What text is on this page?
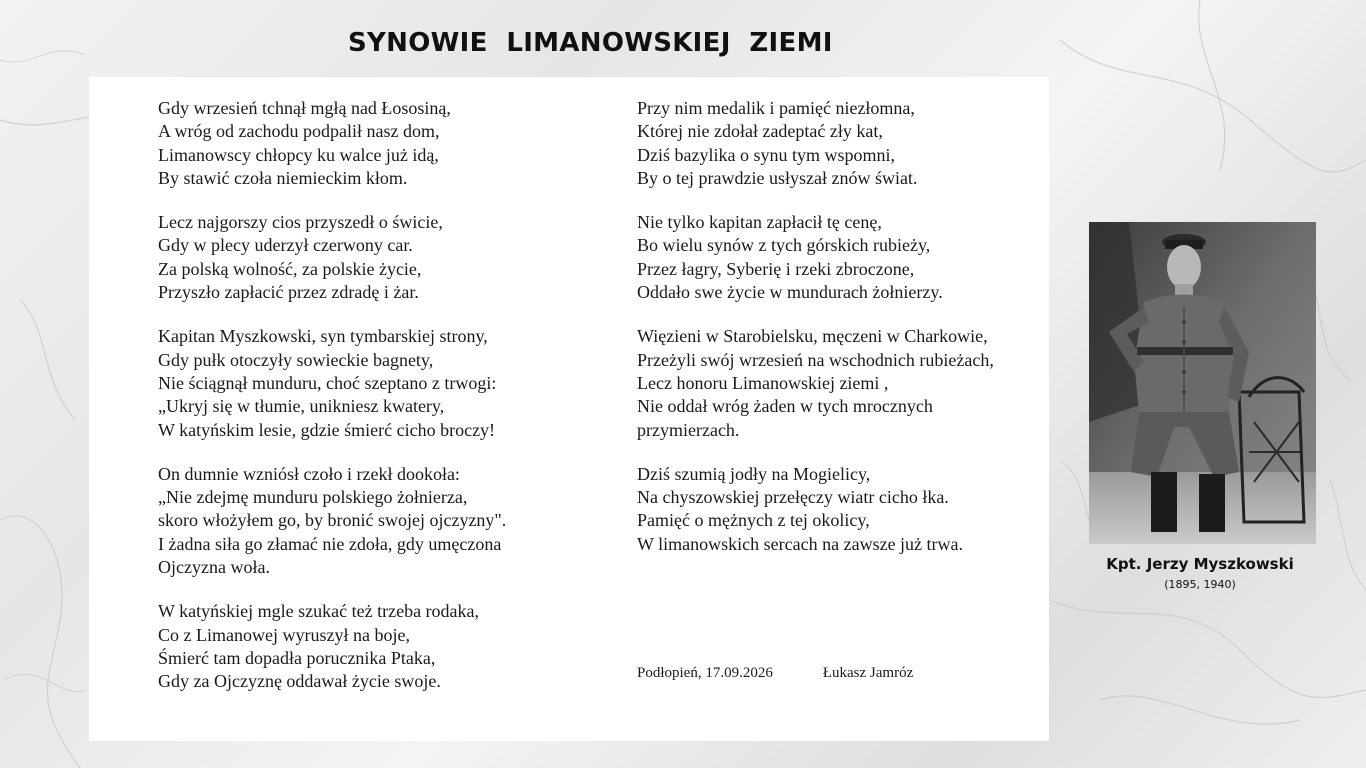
SYNOWIE  LIMANOWSKIEJ  ZIEMI
Gdy wrzesień tchnął mgłą nad Łososiną,
A wróg od zachodu podpalił nasz dom,
Limanowscy chłopcy ku walce już idą,
By stawić czoła niemieckim kłom.
Lecz najgorszy cios przyszedł o świcie,
Gdy w plecy uderzył czerwony car.
Za polską wolność, za polskie życie,
Przyszło zapłacić przez zdradę i żar.
Kapitan Myszkowski, syn tymbarskiej strony,
Gdy pułk otoczyły sowieckie bagnety,
Nie ściągnął munduru, choć szeptano z trwogi:
„Ukryj się w tłumie, unikniesz kwatery,
W katyńskim lesie, gdzie śmierć cicho broczy!
On dumnie wzniósł czoło i rzekł dookoła:
„Nie zdejmę munduru polskiego żołnierza,
skoro włożyłem go, by bronić swojej ojczyzny".
I żadna siła go złamać nie zdoła, gdy umęczona
Ojczyzna woła.
W katyńskiej mgle szukać też trzeba rodaka,
Co z Limanowej wyruszył na boje,
Śmierć tam dopadła porucznika Ptaka,
Gdy za Ojczyznę oddawał życie swoje.
Przy nim medalik i pamięć niezłomna,
Której nie zdołał zadeptać zły kat,
Dziś bazylika o synu tym wspomni,
By o tej prawdzie usłyszał znów świat.
Nie tylko kapitan zapłacił tę cenę,
Bo wielu synów z tych górskich rubieży,
Przez łagry, Syberię i rzeki zbroczone,
Oddało swe życie w mundurach żołnierzy.
Więzieni w Starobielsku, męczeni w Charkowie,
Przeżyli swój wrzesień na wschodnich rubieżach,
Lecz honoru Limanowskiej ziemi ,
Nie oddał wróg żaden w tych mrocznych
przymierzach.
Dziś szumią jodły na Mogielicy,
Na chyszowskiej przełęczy wiatr cicho łka.
Pamięć o mężnych z tej okolicy,
W limanowskich sercach na zawsze już trwa.
Podłopień, 17.09.2026	Łukasz Jamróz
Kpt. Jerzy Myszkowski
(1895, 1940)
